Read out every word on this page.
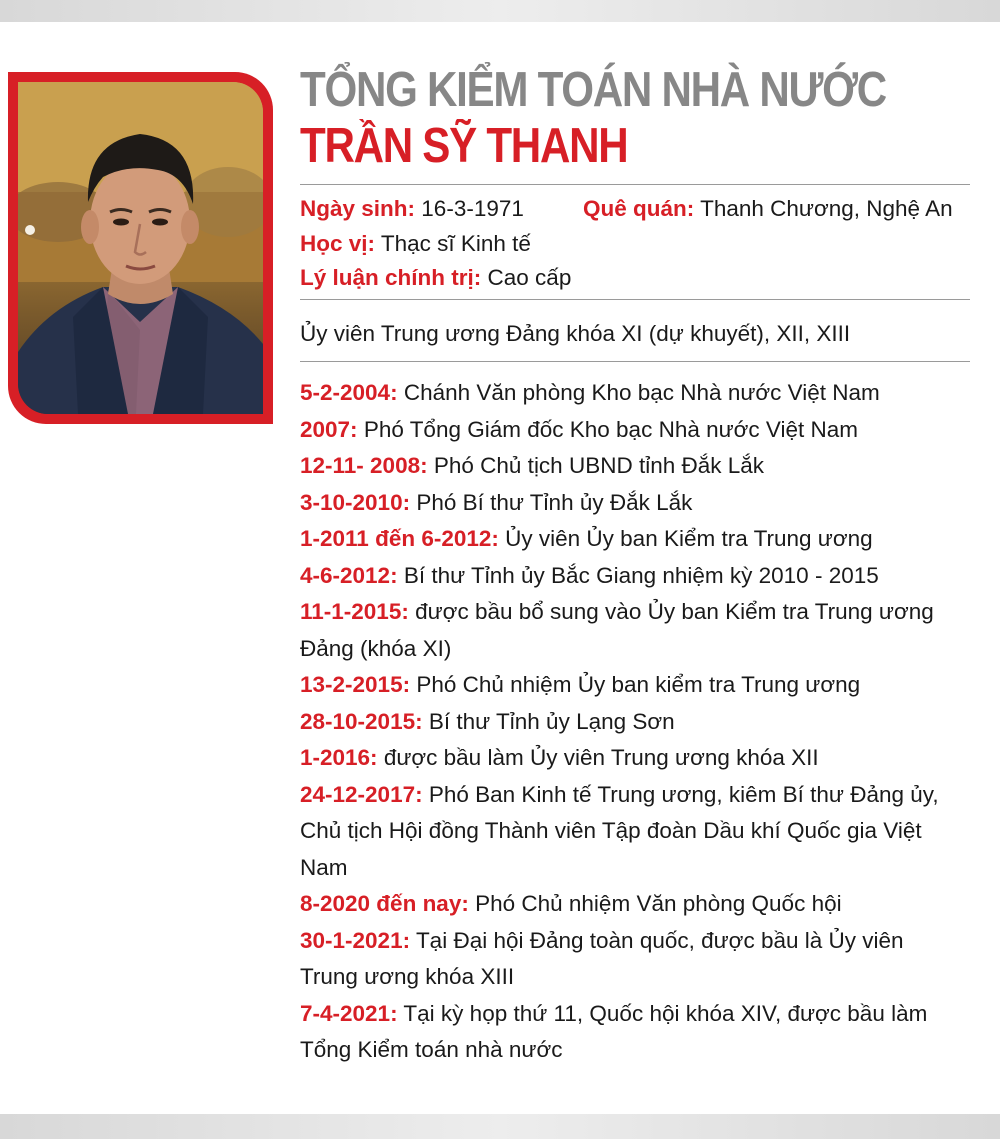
TỔNG KIỂM TOÁN NHÀ NƯỚC
TRẦN SỸ THANH
Ngày sinh: 16-3-1971	Quê quán: Thanh Chương, Nghệ An
Học vị: Thạc sĩ Kinh tế
Lý luận chính trị: Cao cấp
Ủy viên Trung ương Đảng khóa XI (dự khuyết), XII, XIII
5-2-2004: Chánh Văn phòng Kho bạc Nhà nước Việt Nam
2007: Phó Tổng Giám đốc Kho bạc Nhà nước Việt Nam
12-11- 2008: Phó Chủ tịch UBND tỉnh Đắk Lắk
3-10-2010: Phó Bí thư Tỉnh ủy Đắk Lắk
1-2011 đến 6-2012: Ủy viên Ủy ban Kiểm tra Trung ương
4-6-2012: Bí thư Tỉnh ủy Bắc Giang nhiệm kỳ 2010 - 2015
11-1-2015: được bầu bổ sung vào Ủy ban Kiểm tra Trung ương Đảng (khóa XI)
13-2-2015: Phó Chủ nhiệm Ủy ban kiểm tra Trung ương
28-10-2015: Bí thư Tỉnh ủy Lạng Sơn
1-2016: được bầu làm Ủy viên Trung ương khóa XII
24-12-2017: Phó Ban Kinh tế Trung ương, kiêm Bí thư Đảng ủy, Chủ tịch Hội đồng Thành viên Tập đoàn Dầu khí Quốc gia Việt Nam
8-2020 đến nay: Phó Chủ nhiệm Văn phòng Quốc hội
30-1-2021: Tại Đại hội Đảng toàn quốc, được bầu là Ủy viên Trung ương khóa XIII
7-4-2021: Tại kỳ họp thứ 11, Quốc hội khóa XIV, được bầu làm Tổng Kiểm toán nhà nước
